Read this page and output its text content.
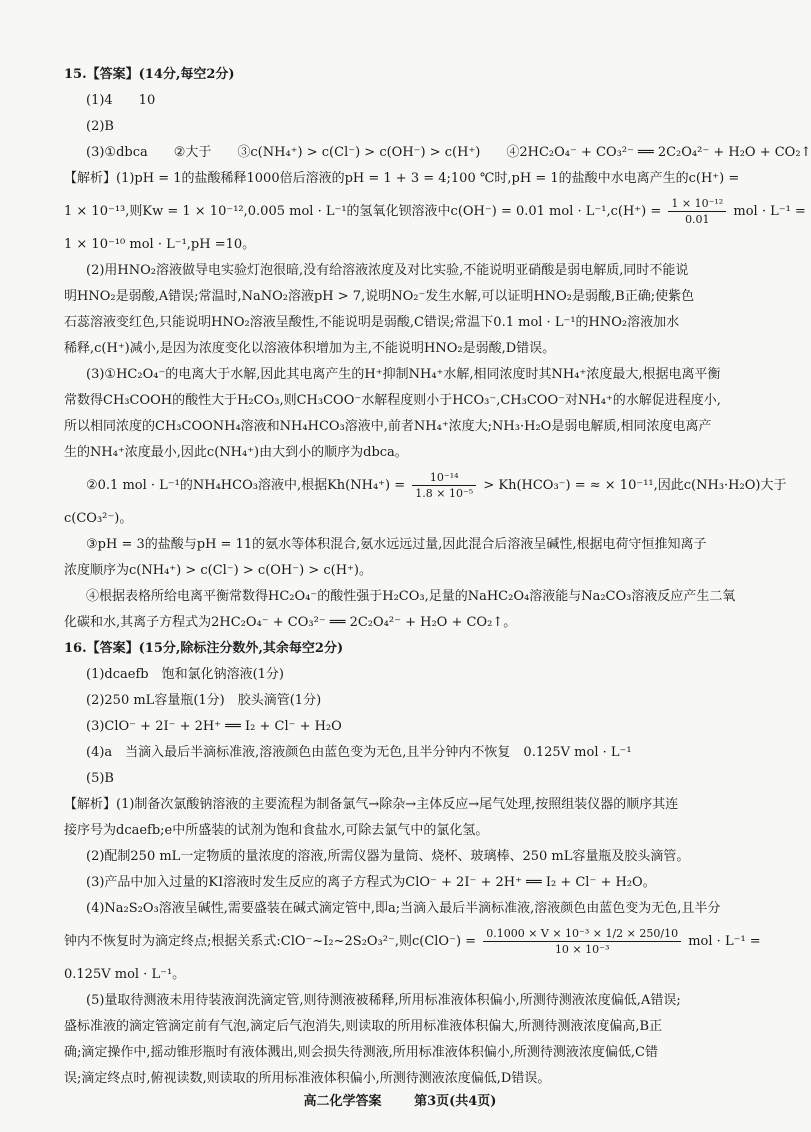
15.【答案】(14分,每空2分)
(1)4　　10
(2)B
(3)①dbca　　②大于　　③c(NH₄⁺) > c(Cl⁻) > c(OH⁻) > c(H⁺)　　④2HC₂O₄⁻ + CO₃²⁻ ══ 2C₂O₄²⁻ + H₂O + CO₂↑
【解析】(1)pH = 1的盐酸稀释1000倍后溶液的pH = 1 + 3 = 4;100 ℃时,pH = 1的盐酸中水电离产生的c(H⁺) =
1 × 10⁻¹³,则Kw = 1 × 10⁻¹²,0.005 mol · L⁻¹的氢氧化钡溶液中c(OH⁻) = 0.01 mol · $L^{-1},c(H^+) = \frac{\text{1 × 10⁻¹²}}{0.01}$ mol · L⁻¹ =
1 × 10⁻¹⁰ mol · L⁻¹,pH =10。
(2)用HNO₂溶液做导电实验灯泡很暗,没有给溶液浓度及对比实验,不能说明亚硝酸是弱电解质,同时不能说
明HNO₂是弱酸,A错误;常温时,NaNO₂溶液pH > 7,说明NO₂⁻发生水解,可以证明HNO₂是弱酸,B正确;使紫色
石蕊溶液变红色,只能说明HNO₂溶液呈酸性,不能说明是弱酸,C错误;常温下0.1 mol · L⁻¹的HNO₂溶液加水
稀释,c(H⁺)减小,是因为浓度变化以溶液体积增加为主,不能说明HNO₂是弱酸,D错误。
(3)①HC₂O₄⁻的电离大于水解,因此其电离产生的H⁺抑制NH₄⁺水解,相同浓度时其NH₄⁺浓度最大,根据电离平衡
常数得CH₃COOH的酸性大于H₂CO₃,则CH₃COO⁻水解程度则小于HCO₃⁻,CH₃COO⁻对NH₄⁺的水解促进程度小,
所以相同浓度的CH₃COONH₄溶液和NH₄HCO₃溶液中,前者NH₄⁺浓度大;NH₃·H₂O是弱电解质,相同浓度电离产
生的NH₄⁺浓度最小,因此c(NH₄⁺)由大到小的顺序为dbca。
②0.1 mol · L⁻¹的NH₄HCO₃溶液中,根据$Kh(NH_4^+) = \frac{\text{10⁻¹⁴}}{\text{1.8 × 10⁻⁵}} > Kh(HCO_3^-)$ = ≈ × 10⁻¹¹,因此c(NH₃·H₂O)大于
c(CO₃²⁻)。
③pH = 3的盐酸与pH = 11的氨水等体积混合,氨水远远过量,因此混合后溶液呈碱性,根据电荷守恒推知离子
浓度顺序为c(NH₄⁺) > c(Cl⁻) > c(OH⁻) > c(H⁺)。
④根据表格所给电离平衡常数得HC₂O₄⁻的酸性强于H₂CO₃,足量的NaHC₂O₄溶液能与Na₂CO₃溶液反应产生二氧
化碳和水,其离子方程式为2HC₂O₄⁻ + CO₃²⁻ ══ 2C₂O₄²⁻ + H₂O + CO₂↑。
16.【答案】(15分,除标注分数外,其余每空2分)
(1)dcaefb　饱和氯化钠溶液(1分)
(2)250 mL容量瓶(1分)　胶头滴管(1分)
(3)ClO⁻ + 2I⁻ + 2H⁺ ══ I₂ + Cl⁻ + H₂O
(4)a　当滴入最后半滴标准液,溶液颜色由蓝色变为无色,且半分钟内不恢复　0.125V mol · L⁻¹
(5)B
【解析】(1)制备次氯酸钠溶液的主要流程为制备氯气→除杂→主体反应→尾气处理,按照组装仪器的顺序其连
接序号为dcaefb;e中所盛装的试剂为饱和食盐水,可除去氯气中的氯化氢。
(2)配制250 mL一定物质的量浓度的溶液,所需仪器为量筒、烧杯、玻璃棒、250 mL容量瓶及胶头滴管。
(3)产品中加入过量的KI溶液时发生反应的离子方程式为ClO⁻ + 2I⁻ + 2H⁺ ══ I₂ + Cl⁻ + H₂O。
(4)Na₂S₂O₃溶液呈碱性,需要盛装在碱式滴定管中,即a;当滴入最后半滴标准液,溶液颜色由蓝色变为无色,且半分
钟内不恢复时为滴定终点;根据关系式:ClO⁻~I₂~2S₂O₃²⁻,则$c(ClO^-) = \frac{\text{0.1000 × V × 10⁻³ × 1/2 × 250/10}}{\text{10 × 10⁻³}}$ mol · L⁻¹ =
0.125V mol · L⁻¹。
(5)量取待测液未用待装液润洗滴定管,则待测液被稀释,所用标准液体积偏小,所测待测液浓度偏低,A错误;
盛标准液的滴定管滴定前有气泡,滴定后气泡消失,则读取的所用标准液体积偏大,所测待测液浓度偏高,B正
确;滴定操作中,摇动锥形瓶时有液体溅出,则会损失待测液,所用标准液体积偏小,所测待测液浓度偏低,C错
误;滴定终点时,俯视读数,则读取的所用标准液体积偏小,所测待测液浓度偏低,D错误。
高二化学答案	第3页(共4页)
